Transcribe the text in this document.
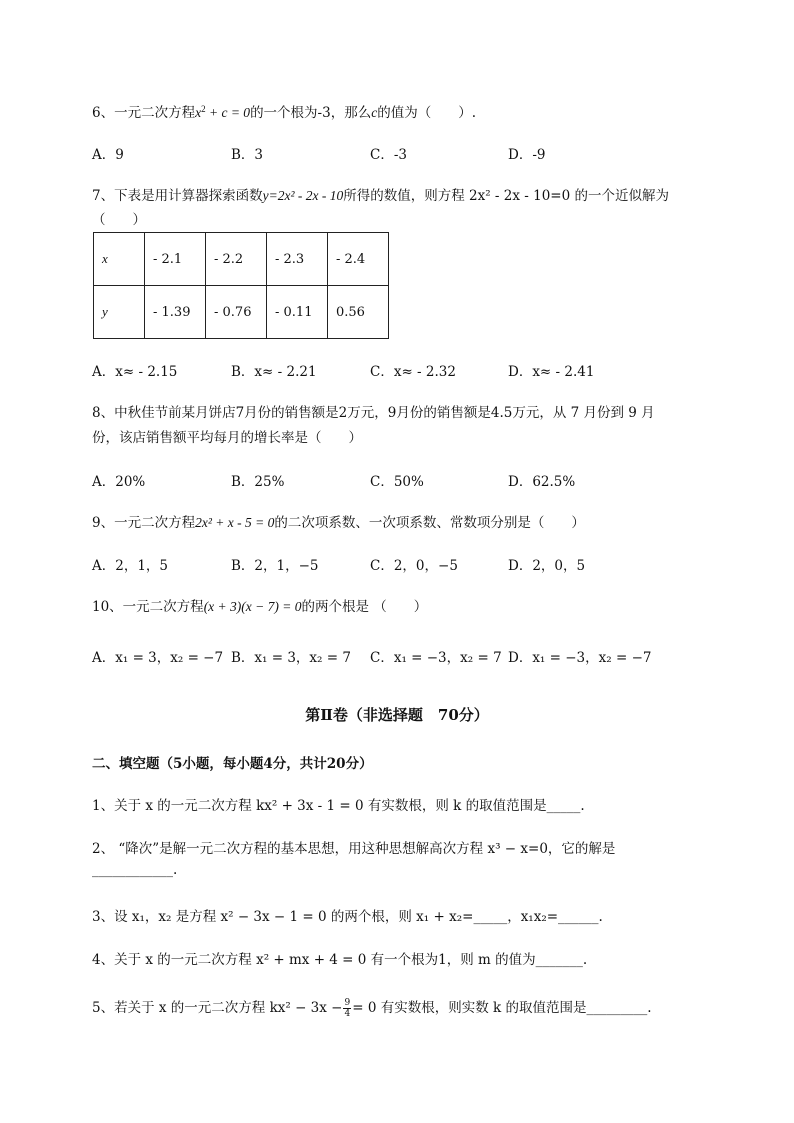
6、一元二次方程$x^2 + c = 0$的一个根为-3，那么c的值为（　　）.
A．9	B．3	C．-3	D．-9
7、下表是用计算器探索函数y=2x² - 2x - 10所得的数值，则方程 2x² - 2x - 10=0 的一个近似解为
（　　）
x	- 2.1	- 2.2	- 2.3	- 2.4
y	- 1.39	- 0.76	- 0.11	0.56
A．x≈ - 2.15	B．x≈ - 2.21	C．x≈ - 2.32	D．x≈ - 2.41
8、中秋佳节前某月饼店7月份的销售额是2万元，9月份的销售额是4.5万元，从 7 月份到 9 月
份，该店销售额平均每月的增长率是（　　）
A．20%	B．25%	C．50%	D．62.5%
9、一元二次方程2x² + x - 5 = 0的二次项系数、一次项系数、常数项分别是（　　）
A．2，1，5	B．2，1，−5	C．2，0，−5	D．2，0，5
10、一元二次方程(x + 3)(x − 7) = 0的两个根是 （　　）
A．x₁ = 3，x₂ = −7 B．x₁ = 3，x₂ = 7 C．x₁ = −3，x₂ = 7 D．x₁ = −3，x₂ = −7
第Ⅱ卷（非选择题　70分）
二、填空题（5小题，每小题4分，共计20分）
1、关于 x 的一元二次方程 kx² + 3x - 1 = 0 有实数根，则 k 的取值范围是_____.
2、 “降次”是解一元二次方程的基本思想，用这种思想解高次方程 x³ − x=0，它的解是
____________.
3、设 x₁，x₂ 是方程 x² − 3x − 1 = 0 的两个根，则 x₁ + x₂=_____，x₁x₂=______.
4、关于 x 的一元二次方程 x² + mx + 4 = 0 有一个根为1，则 m 的值为_______.
5、若关于 x 的一元二次方程 $kx^2 - 3x - \frac{9}{4} = 0$ 有实数根，则实数 k 的取值范围是_________.
